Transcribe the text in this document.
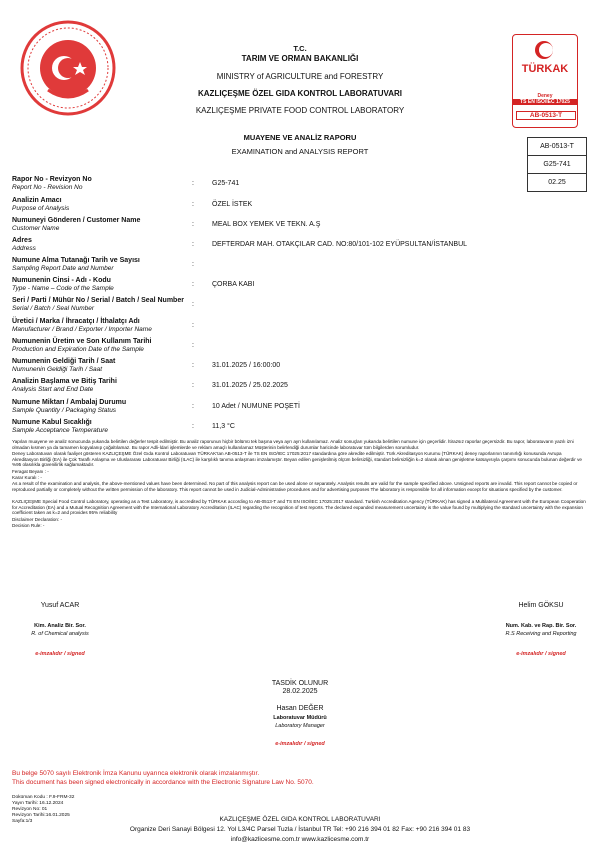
T.C.
TARIM VE ORMAN BAKANLIĞI
MINISTRY of AGRICULTURE and FORESTRY
KAZLIÇEŞME ÖZEL GIDA KONTROL LABORATUVARI
KAZLIÇEŞME PRIVATE FOOD CONTROL LABORATORY
MUAYENE VE ANALİZ RAPORU
EXAMINATION and ANALYSIS REPORT
TÜRKAK
Deney
TS EN ISO/IEC 17025
AB-0513-T
AB-0513-T
G25-741
02.25
Rapor No - Revizyon No
Report No - Revision No
:	G25-741
Analizin Amacı
Purpose of Analysis
:	ÖZEL İSTEK
Numuneyi Gönderen / Customer Name
Customer Name
:	MEAL BOX YEMEK VE TEKN. A.Ş
Adres
Address
:	DEFTERDAR MAH. OTAKÇILAR CAD. NO:80/101-102 EYÜPSULTAN/İSTANBUL
Numune Alma Tutanağı Tarih ve Sayısı
Sampling Report Date and Number
:
Numunenin Cinsi - Adı - Kodu
Type - Name – Code of the Sample
:	ÇORBA KABI
Seri / Parti / Mühür No / Serial / Batch / Seal Number
Serial / Batch / Seal Number
:
Üretici / Marka / İhracatçı / İthalatçı Adı
Manufacturer / Brand / Exporter / Importer Name
:
Numunenin Üretim ve Son Kullanım Tarihi
Production and Expiration Date of the Sample
:
Numunenin Geldiği Tarih / Saat
Numunenin Geldiği Tarih / Saat
:	31.01.2025 / 16:00:00
Analizin Başlama ve Bitiş Tarihi
Analysis Start and End Date
:	31.01.2025 / 25.02.2025
Numune Miktarı / Ambalaj Durumu
Sample Quantity / Packaging Status
:	10 Adet / NUMUNE POŞETİ
Numune Kabul Sıcaklığı
Sample Acceptance Temperature
:	11,3 °C
Yapılan muayene ve analiz sonucunda yukarıda belirtilen değerler tespit edilmiştir. Bu analiz raporunun hiçbir bölümü tek başına veya ayrı ayrı kullanılamaz. Analiz sonuçları yukarıda belirtilen numune için geçerlidir. İtirazsız raporlar geçersizdir. Bu rapor, laboratuvarın yazılı izni olmadan kısmen ya da tamamen kopyalanıp çoğaltılamaz. Bu rapor Adli-İdari işlemlerde ve reklam amaçlı kullanılamaz Müşterinin belirlendiği durumlar haricinde laboratuvar tüm bilgilerden sorumludur.
Deney Laboratuvarı olarak faaliyet gösteren KAZLIÇEŞME Özel Gıda Kontrol Laboratuvarı TÜRKAK’tan AB-0513-T ile TS EN ISO/IEC 17025:2017 standardına göre akredite edilmiştir. Türk Akreditasyon Kurumu (TÜRKAK) deney raporlarının tanınırlığı konusunda Avrupa Akreditasyon Birliği (EA) ile Çok Taraflı Anlaşma ve Uluslararası Laboratuvar Birliği (ILAC) ile karşılıklı tanıma anlaşması imzalamıştır. Beyan edilen genişletilmiş ölçüm belirsizliği, standart belirsizliğin k=2 olarak alınan genişletme katsayısıyla çarpımı sonucunda bulunan değerdir ve %95 olasılıkla güvenilirlik sağlamaktadır.
Feragat Beyanı : -
Karar Kuralı : -
As a result of the examination and analysis, the above-mentioned values have been determined. No part of this analysis report can be used alone or separately. Analysis results are valid for the sample specified above. Unsigned reports are invalid. This report cannot be copied or reproduced partially or completely without the written permission of the laboratory. This report cannot be used in Judicial-Administrative procedures and for advertising purposes The laboratory is responsible for all information except for situations specified by the customer.
KAZLIÇEŞME Special Food Control Laboratory, operating as a Test Laboratory, is accredited by TÜRKAK according to AB-0513-T and TS EN ISO/IEC 17025:2017 standard. Turkish Accreditation Agency (TÜRKAK) has signed a Multilateral Agreement with the European Cooperation for Accreditation (EA) and a Mutual Recognition Agreement with the International Laboratory Accreditation (ILAC) regarding the recognition of test reports. The declared expanded measurement uncertainty is the value found by multiplying the standard uncertainty with the expansion coefficient taken as k=2 and provides 95% reliability
Disclaimer Declaration: -
Decision Rule: -
Yusuf ACAR
Kim. Analiz Bir. Sor.
R. of Chemical analysis
e-imzalıdır / signed
Helim GÖKSU
Num. Kab. ve Rap. Bir. Sor.
R.S Receiving and Reporting
e-imzalıdır / signed
TASDİK OLUNUR
28.02.2025
Hasan DEĞER
Laboratuvar Müdürü
Laboratory Manager
e-imzalıdır / signed
Bu belge 5070 sayılı Elektronik İmza Kanunu uyarınca elektronik olarak imzalanmıştır.
This document has been signed electronically in accordance with the Electronic Signature Law No. 5070.
Doküman Kodu : F.9-FRM-32
Yayın Tarihi: 16.12.2024
Revizyon No: 01
Revizyon Tarihi:16.01.2025
Sayfa:1/3	KAZLIÇEŞME ÖZEL GIDA KONTROL LABORATUVARI
Organize Deri Sanayi Bölgesi 12. Yol L3/4C Parsel Tuzla / İstanbul TR Tel: +90 216 394 01 82 Fax: +90 216 394 01 83
info@kazlicesme.com.tr www.kazlicesme.com.tr
